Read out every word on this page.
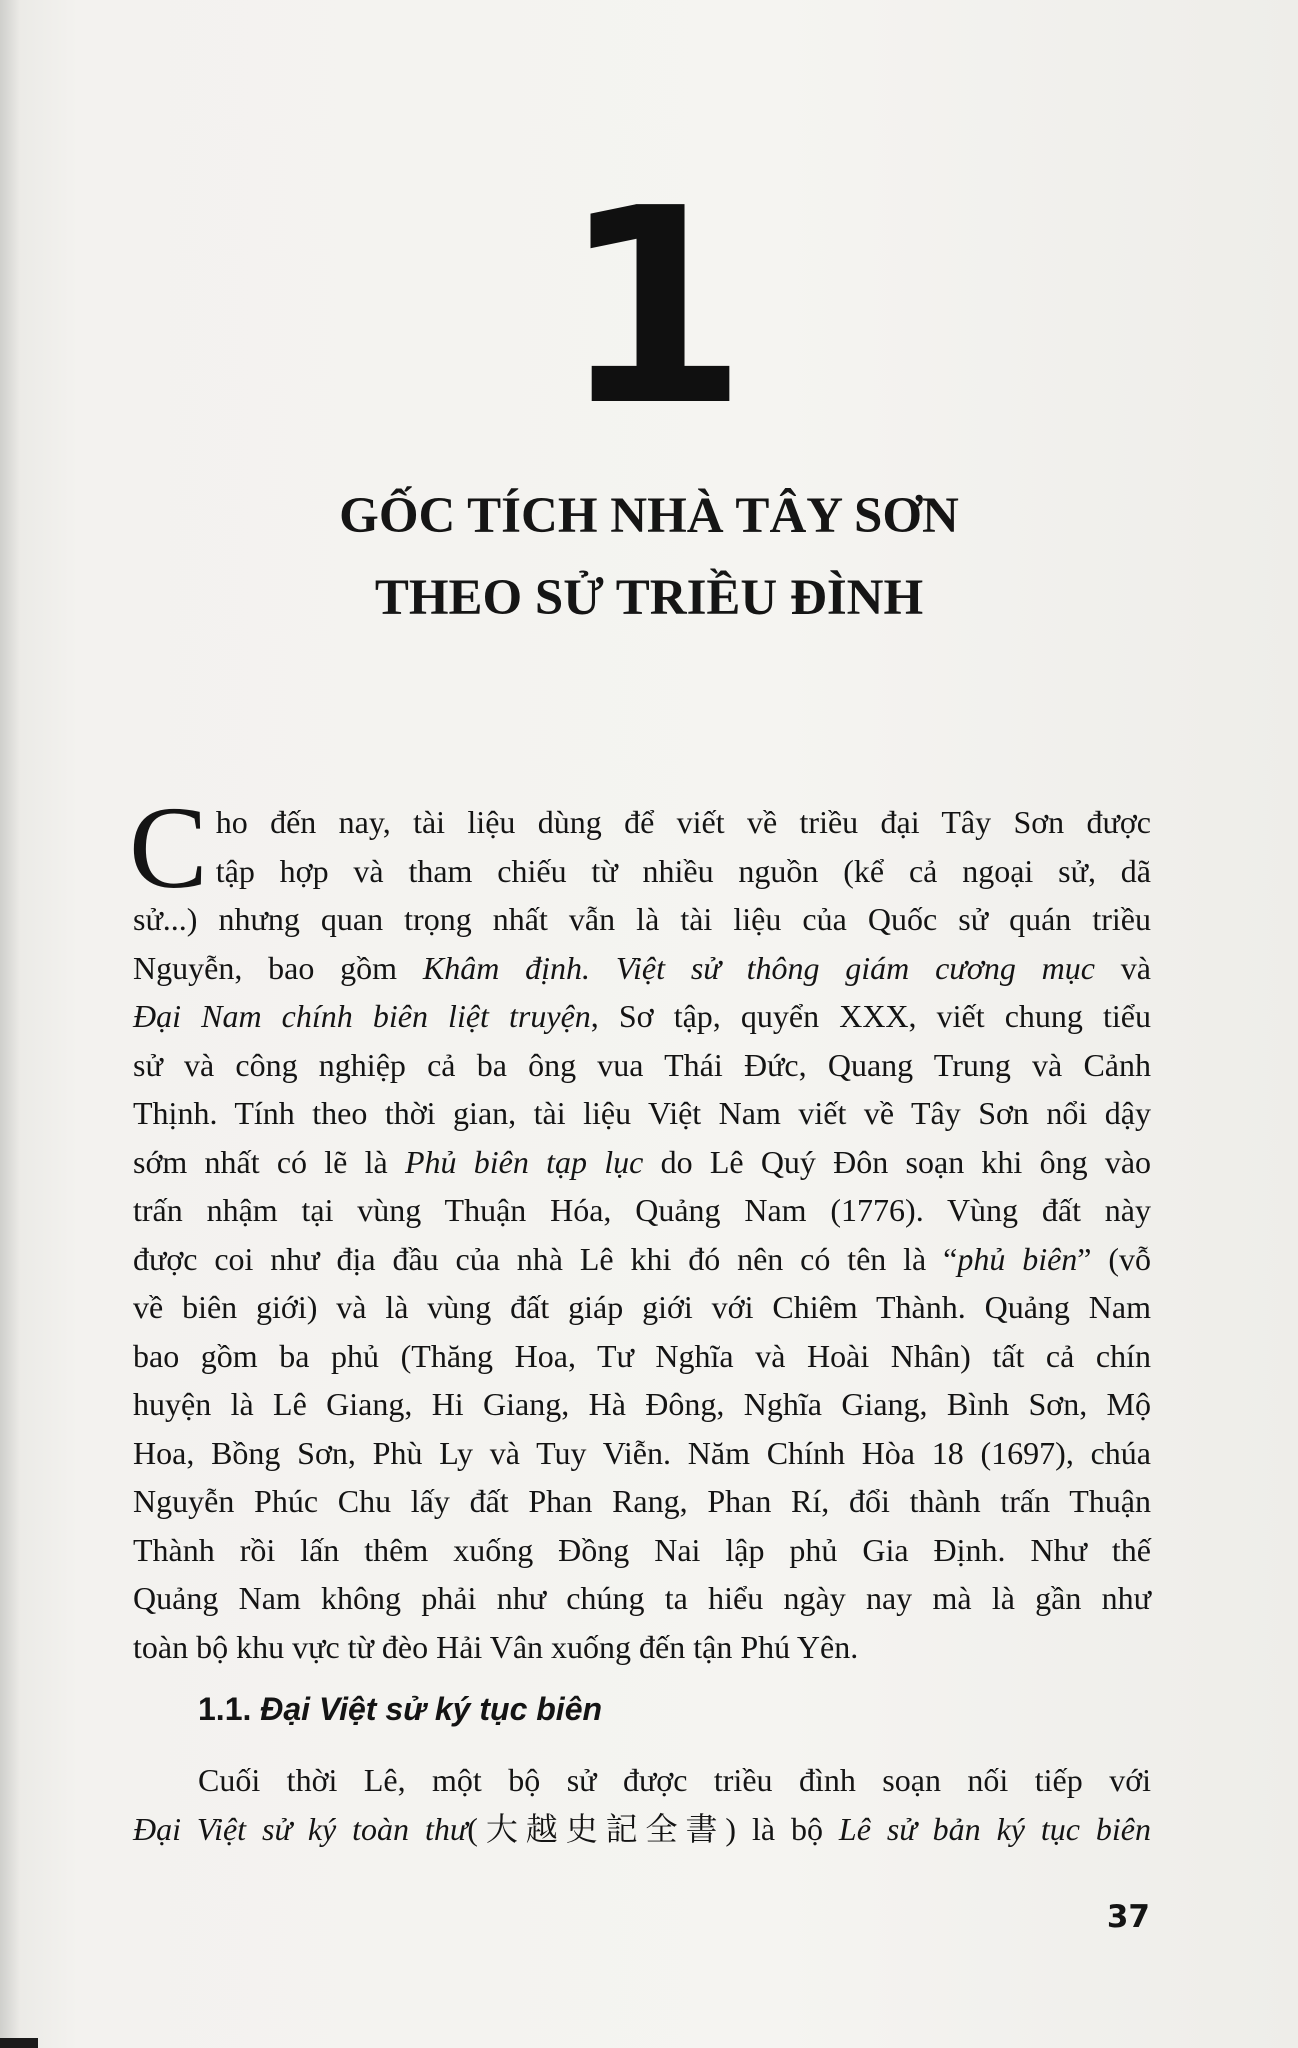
1
GỐC TÍCH NHÀ TÂY SƠN
THEO SỬ TRIỀU ĐÌNH
C ho đến nay, tài liệu dùng để viết về triều đại Tây Sơn được
tập hợp và tham chiếu từ nhiều nguồn (kể cả ngoại sử, dã
sử...) nhưng quan trọng nhất vẫn là tài liệu của Quốc sử quán triều
Nguyễn, bao gồm Khâm định. Việt sử thông giám cương mục và
Đại Nam chính biên liệt truyện, Sơ tập, quyển XXX, viết chung tiểu
sử và công nghiệp cả ba ông vua Thái Đức, Quang Trung và Cảnh
Thịnh. Tính theo thời gian, tài liệu Việt Nam viết về Tây Sơn nổi dậy
sớm nhất có lẽ là Phủ biên tạp lục do Lê Quý Đôn soạn khi ông vào
trấn nhậm tại vùng Thuận Hóa, Quảng Nam (1776). Vùng đất này
được coi như địa đầu của nhà Lê khi đó nên có tên là “phủ biên” (vỗ
về biên giới) và là vùng đất giáp giới với Chiêm Thành. Quảng Nam
bao gồm ba phủ (Thăng Hoa, Tư Nghĩa và Hoài Nhân) tất cả chín
huyện là Lê Giang, Hi Giang, Hà Đông, Nghĩa Giang, Bình Sơn, Mộ
Hoa, Bồng Sơn, Phù Ly và Tuy Viễn. Năm Chính Hòa 18 (1697), chúa
Nguyễn Phúc Chu lấy đất Phan Rang, Phan Rí, đổi thành trấn Thuận
Thành rồi lấn thêm xuống Đồng Nai lập phủ Gia Định. Như thế
Quảng Nam không phải như chúng ta hiểu ngày nay mà là gần như
toàn bộ khu vực từ đèo Hải Vân xuống đến tận Phú Yên.
1.1. Đại Việt sử ký tục biên
Cuối thời Lê, một bộ sử được triều đình soạn nối tiếp với
Đại Việt sử ký toàn thư(大越史記全書) là bộ Lê sử bản ký tục biên
37
